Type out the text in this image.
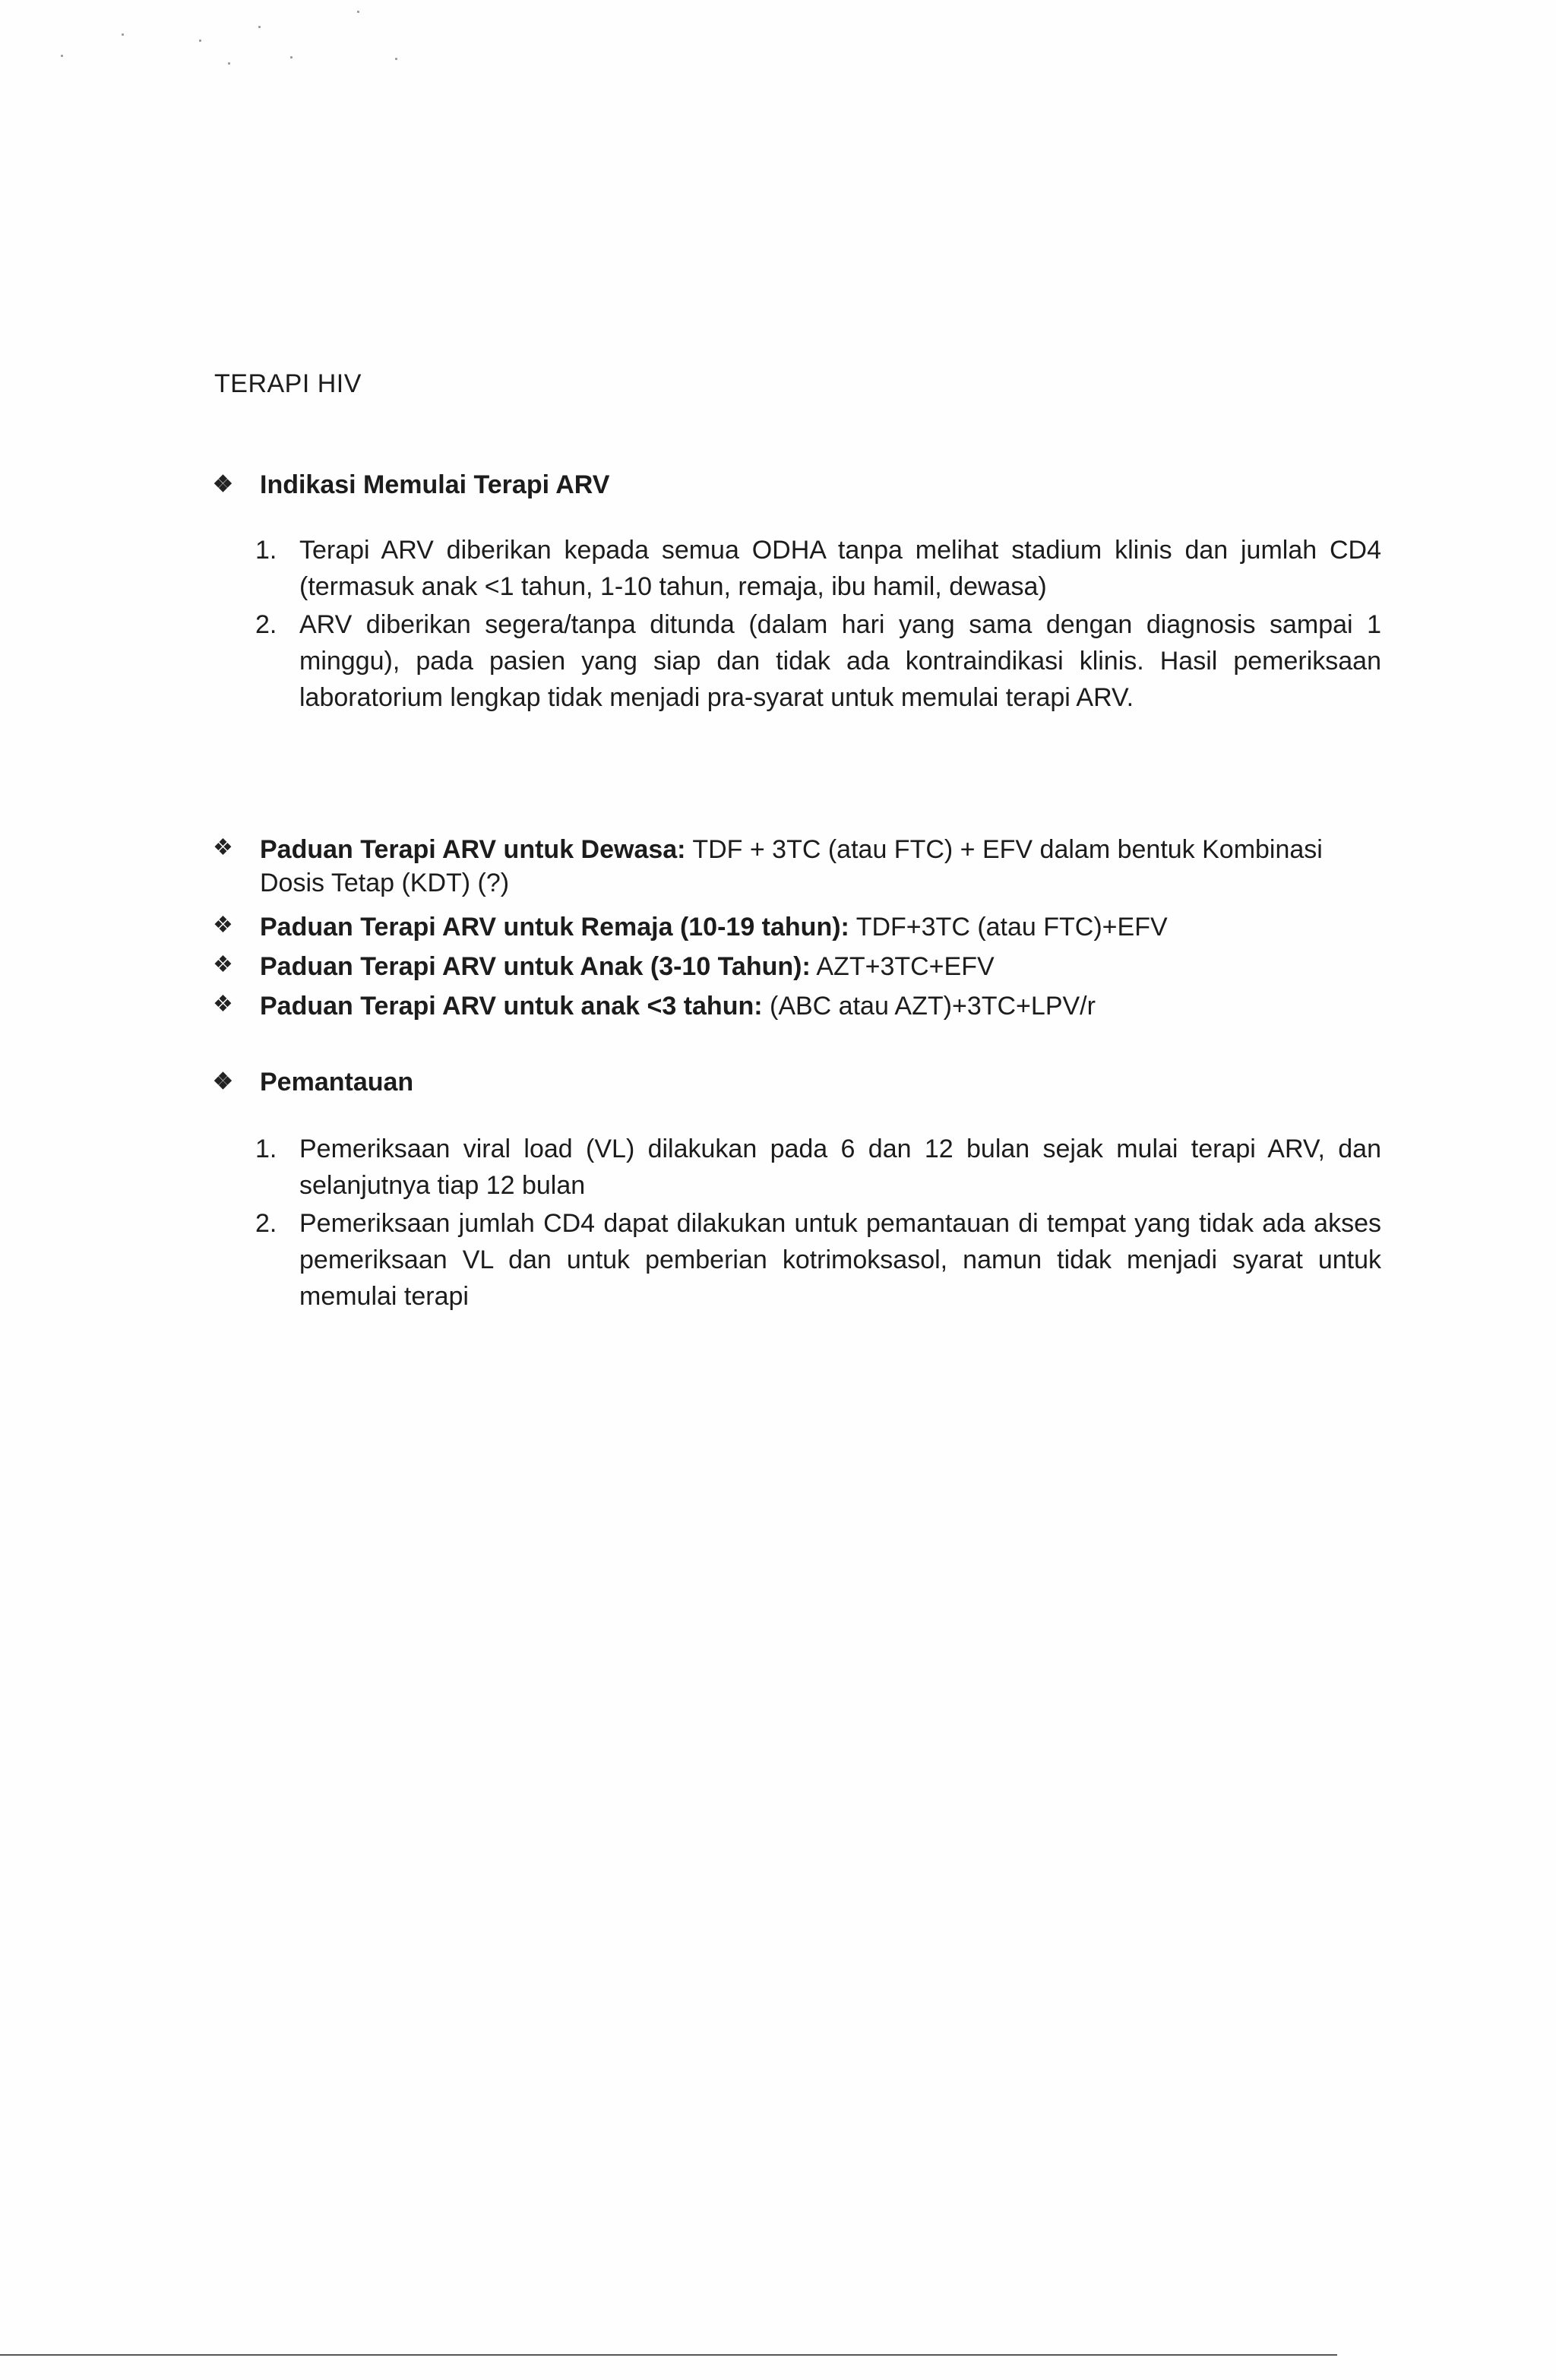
TERAPI HIV
❖	Indikasi Memulai Terapi ARV
1. Terapi ARV diberikan kepada semua ODHA tanpa melihat stadium klinis dan jumlah CD4 (termasuk anak <1 tahun, 1-10 tahun, remaja, ibu hamil, dewasa)
2. ARV diberikan segera/tanpa ditunda (dalam hari yang sama dengan diagnosis sampai 1 minggu), pada pasien yang siap dan tidak ada kontraindikasi klinis. Hasil pemeriksaan laboratorium lengkap tidak menjadi pra-syarat untuk memulai terapi ARV.

❖	Paduan Terapi ARV untuk Dewasa: TDF + 3TC (atau FTC) + EFV dalam bentuk Kombinasi Dosis Tetap (KDT) (?)

❖	Paduan Terapi ARV untuk Remaja (10-19 tahun): TDF+3TC (atau FTC)+EFV

❖	Paduan Terapi ARV untuk Anak (3-10 Tahun): AZT+3TC+EFV

❖	Paduan Terapi ARV untuk anak <3 tahun: (ABC atau AZT)+3TC+LPV/r

❖	Pemantauan
1. Pemeriksaan viral load (VL) dilakukan pada 6 dan 12 bulan sejak mulai terapi ARV, dan selanjutnya tiap 12 bulan
2. Pemeriksaan jumlah CD4 dapat dilakukan untuk pemantauan di tempat yang tidak ada akses pemeriksaan VL dan untuk pemberian kotrimoksasol, namun tidak menjadi syarat untuk memulai terapi
